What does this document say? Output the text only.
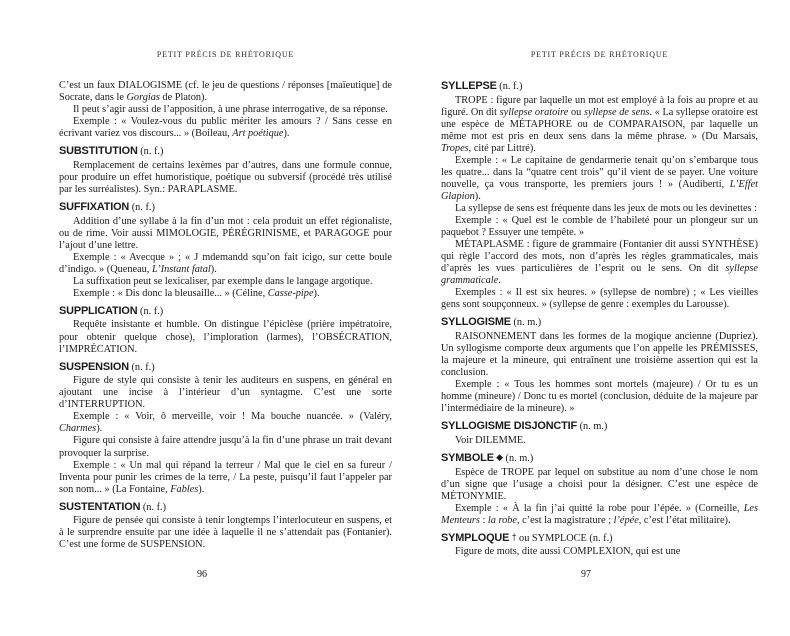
PETIT PRÉCIS DE RHÉTORIQUE

C’est un faux DIALOGISME (cf. le jeu de questions / réponses [maïeutique] de Socrate, dans le Gorgias de Platon).

Il peut s’agir aussi de l’apposition, à une phrase interrogative, de sa réponse.

Exemple : « Voulez-vous du public mériter les amours ? / Sans cesse en écrivant variez vos discours... » (Boileau, Art poétique).

SUBSTITUTION (n. f.)

Remplacement de certains lexèmes par d’autres, dans une formule connue, pour produire un effet humoristique, poétique ou subversif (procédé très utilisé par les surréalistes). Syn.: PARAPLASME.

SUFFIXATION (n. f.)

Addition d’une syllabe à la fin d’un mot : cela produit un effet régionaliste, ou de rime. Voir aussi MIMOLOGIE, PÉRÉGRINISME, et PARAGOGE pour l’ajout d’une lettre.

Exemple : « Avecque » ; « J mdemandd squ’on fait icigo, sur cette boule d’indigo. » (Queneau, L’Instant fatal).

La suffixation peut se lexicaliser, par exemple dans le langage argotique.

Exemple : « Dis donc la bleusaille... » (Céline, Casse-pipe).

SUPPLICATION (n. f.)

Requête insistante et humble. On distingue l’épiclèse (prière impétratoire, pour obtenir quelque chose), l’imploration (larmes), l’OBSÉCRATION, l’IMPRÉCATION.

SUSPENSION (n. f.)

Figure de style qui consiste à tenir les auditeurs en suspens, en général en ajoutant une incise à l’intérieur d’un syntagme. C’est une sorte d’INTERRUPTION.

Exemple : « Voir, ô merveille, voir ! Ma bouche nuancée. » (Valéry, Charmes).

Figure qui consiste à faire attendre jusqu’à la fin d’une phrase un trait devant provoquer la surprise.

Exemple : « Un mal qui répand la terreur / Mal que le ciel en sa fureur / Inventa pour punir les crimes de la terre, / La peste, puisqu’il faut l’appeler par son nom... » (La Fontaine, Fables).

SUSTENTATION (n. f.)

Figure de pensée qui consiste à tenir longtemps l’interlocuteur en suspens, et à le surprendre ensuite par une idée à laquelle il ne s’attendait pas (Fontanier). C’est une forme de SUSPENSION.

PETIT PRÉCIS DE RHÉTORIQUE
SYLLEPSE (n. f.)

TROPE : figure par laquelle un mot est employé à la fois au propre et au figuré. On dit syllepse oratoire ou syllepse de sens. « La syllepse oratoire est une espèce de MÉTAPHORE ou de COMPARAISON, par laquelle un même mot est pris en deux sens dans la même phrase. » (Du Marsais, Tropes, cité par Littré).

Exemple : « Le capitaine de gendarmerie tenait qu’on s’embarque tous les quatre... dans la “quatre cent trois” qu’il vient de se payer. Une voiture nouvelle, ça vous transporte, les premiers jours ! » (Audiberti, L’Effet Glapion).

La syllepse de sens est fréquente dans les jeux de mots ou les devinettes :

Exemple : « Quel est le comble de l’habileté pour un plongeur sur un paquebot ? Essuyer une tempête. »

MÉTAPLASME : figure de grammaire (Fontanier dit aussi SYNTHÈSE) qui règle l’accord des mots, non d’après les règles grammaticales, mais d’après les vues particulières de l’esprit ou le sens. On dit syllepse grammaticale.

Exemples : « Il est six heures. » (syllepse de nombre) ; « Les vieilles gens sont soupçonneux. » (syllepse de genre : exemples du Larousse).

SYLLOGISME (n. m.)

RAISONNEMENT dans les formes de la mogique ancienne (Dupriez). Un syllogisme comporte deux arguments que l’on appelle les PRÉMISSES, la majeure et la mineure, qui entraînent une troisième assertion qui est la conclusion.

Exemple : « Tous les hommes sont mortels (majeure) / Or tu es un homme (mineure) / Donc tu es mortel (conclusion, déduite de la majeure par l’intermédiaire de la mineure). »

SYLLOGISME DISJONCTIF (n. m.)

Voir DILEMME.

SYMBOLE ◆ (n. m.)

Espèce de TROPE par lequel on substitue au nom d’une chose le nom d’un signe que l’usage a choisi pour la désigner. C’est une espèce de MÉTONYMIE.

Exemple : « À la fin j’ai quitté la robe pour l’épée. » (Corneille, Les Menteurs : la robe, c’est la magistrature ; l’épée, c’est l’état militaire).

SYMPLOQUE † ou SYMPLOCE (n. f.)

Figure de mots, dite aussi COMPLEXION, qui est une

96	97
